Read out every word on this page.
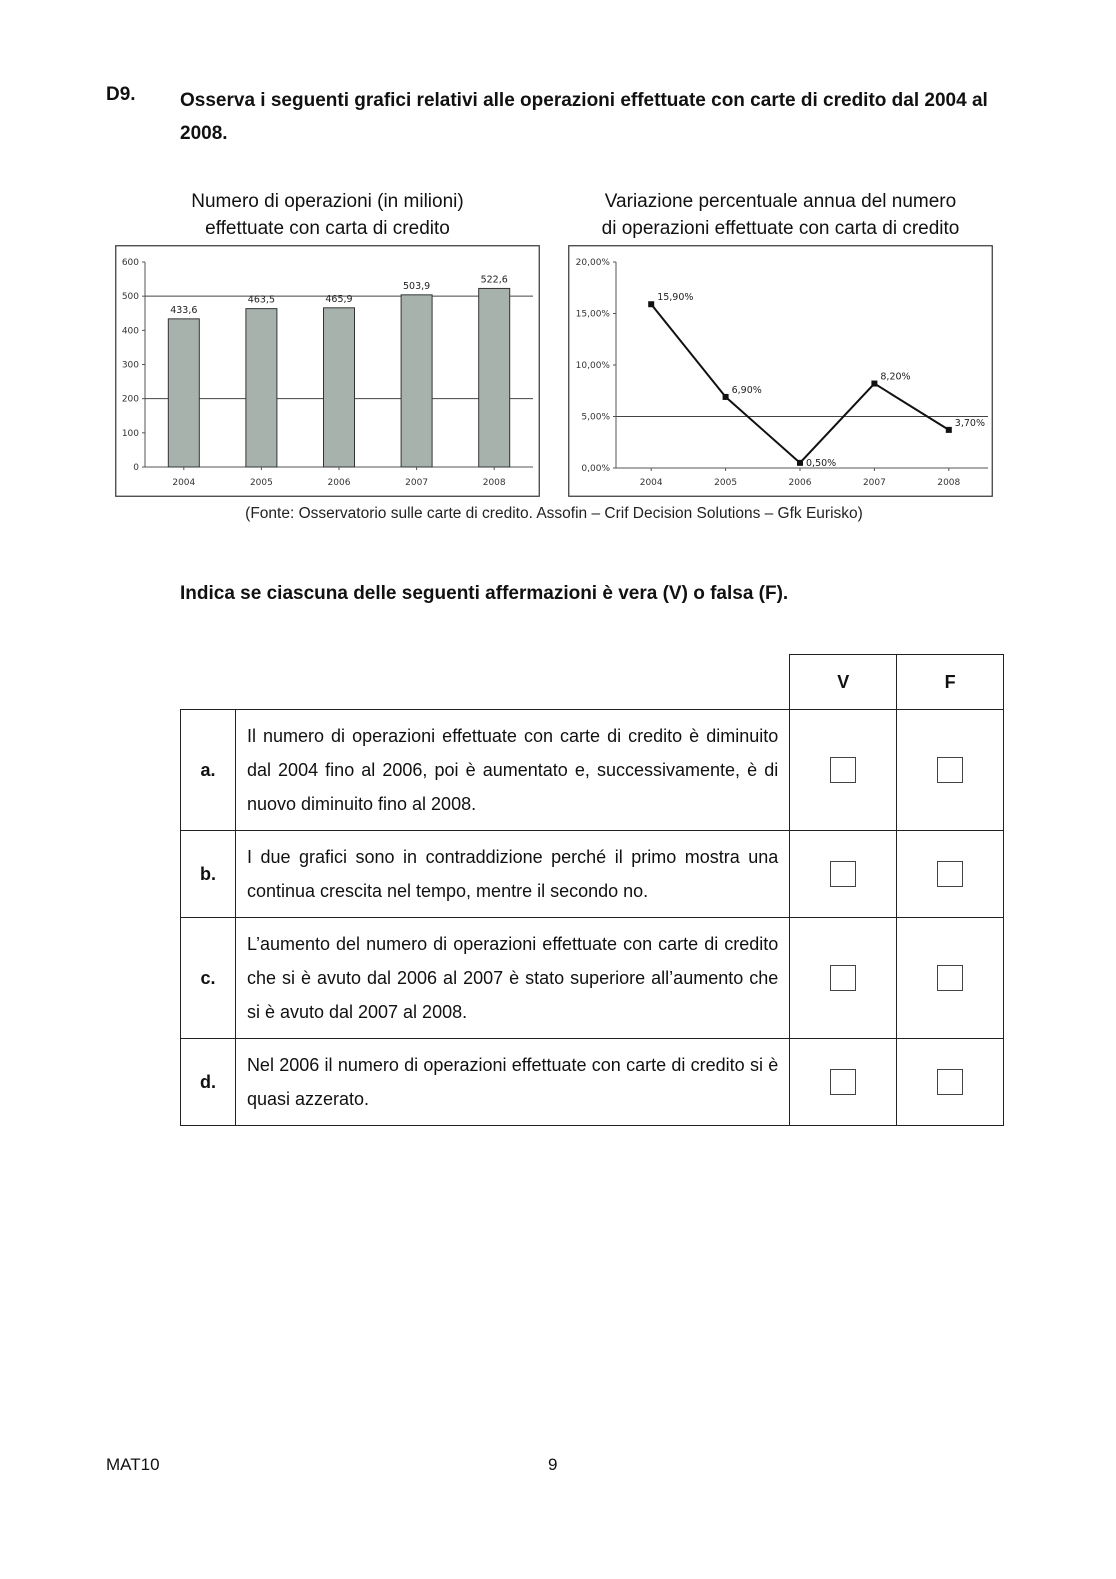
D9. Osserva i seguenti grafici relativi alle operazioni effettuate con carte di credito dal 2004 al 2008.
Numero di operazioni (in milioni)
effettuate con carta di credito
Variazione percentuale annua del numero
di operazioni effettuate con carta di credito
0
100
200
300
400
500
600
433,6
2004
463,5
2005
465,9
2006
503,9
2007
522,6
2008
0,00%
5,00%
10,00%
15,00%
20,00%
15,90%
2004
6,90%
2005
0,50%
2006
8,20%
2007
3,70%
2008
(Fonte: Osservatorio sulle carte di credito. Assofin – Crif Decision Solutions – Gfk Eurisko)
Indica se ciascuna delle seguenti affermazioni è vera (V) o falsa (F).
		V	F
a.	Il numero di operazioni effettuate con carte di credito è diminuito dal 2004 fino al 2006, poi è aumentato e, successivamente, è di nuovo diminuito fino al 2008.		
b.	I due grafici sono in contraddizione perché il primo mostra una continua crescita nel tempo, mentre il secondo no.		
c.	L’aumento del numero di operazioni effettuate con carte di credito che si è avuto dal 2006 al 2007 è stato superiore all’aumento che si è avuto dal 2007 al 2008.		
d.	Nel 2006 il numero di operazioni effettuate con carte di credito si è quasi azzerato.		
MAT10	9
